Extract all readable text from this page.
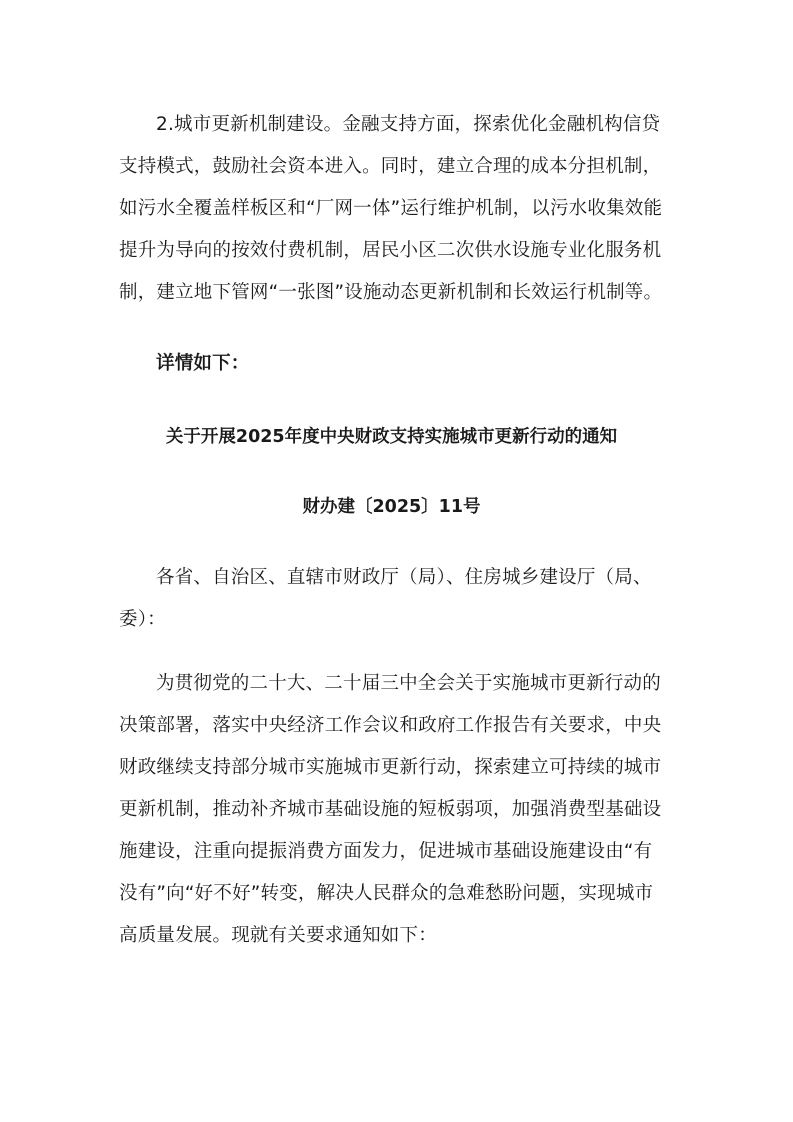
2.城市更新机制建设。金融支持方面，探索优化金融机构信贷支持模式，鼓励社会资本进入。同时，建立合理的成本分担机制，如污水全覆盖样板区和“厂网一体”运行维护机制，以污水收集效能提升为导向的按效付费机制，居民小区二次供水设施专业化服务机制，建立地下管网“一张图”设施动态更新机制和长效运行机制等。
详情如下：
关于开展2025年度中央财政支持实施城市更新行动的通知
财办建〔2025〕11号
各省、自治区、直辖市财政厅（局）、住房城乡建设厅（局、委）：
为贯彻党的二十大、二十届三中全会关于实施城市更新行动的决策部署，落实中央经济工作会议和政府工作报告有关要求，中央财政继续支持部分城市实施城市更新行动，探索建立可持续的城市更新机制，推动补齐城市基础设施的短板弱项，加强消费型基础设施建设，注重向提振消费方面发力，促进城市基础设施建设由“有没有”向“好不好”转变，解决人民群众的急难愁盼问题，实现城市高质量发展。现就有关要求通知如下：
